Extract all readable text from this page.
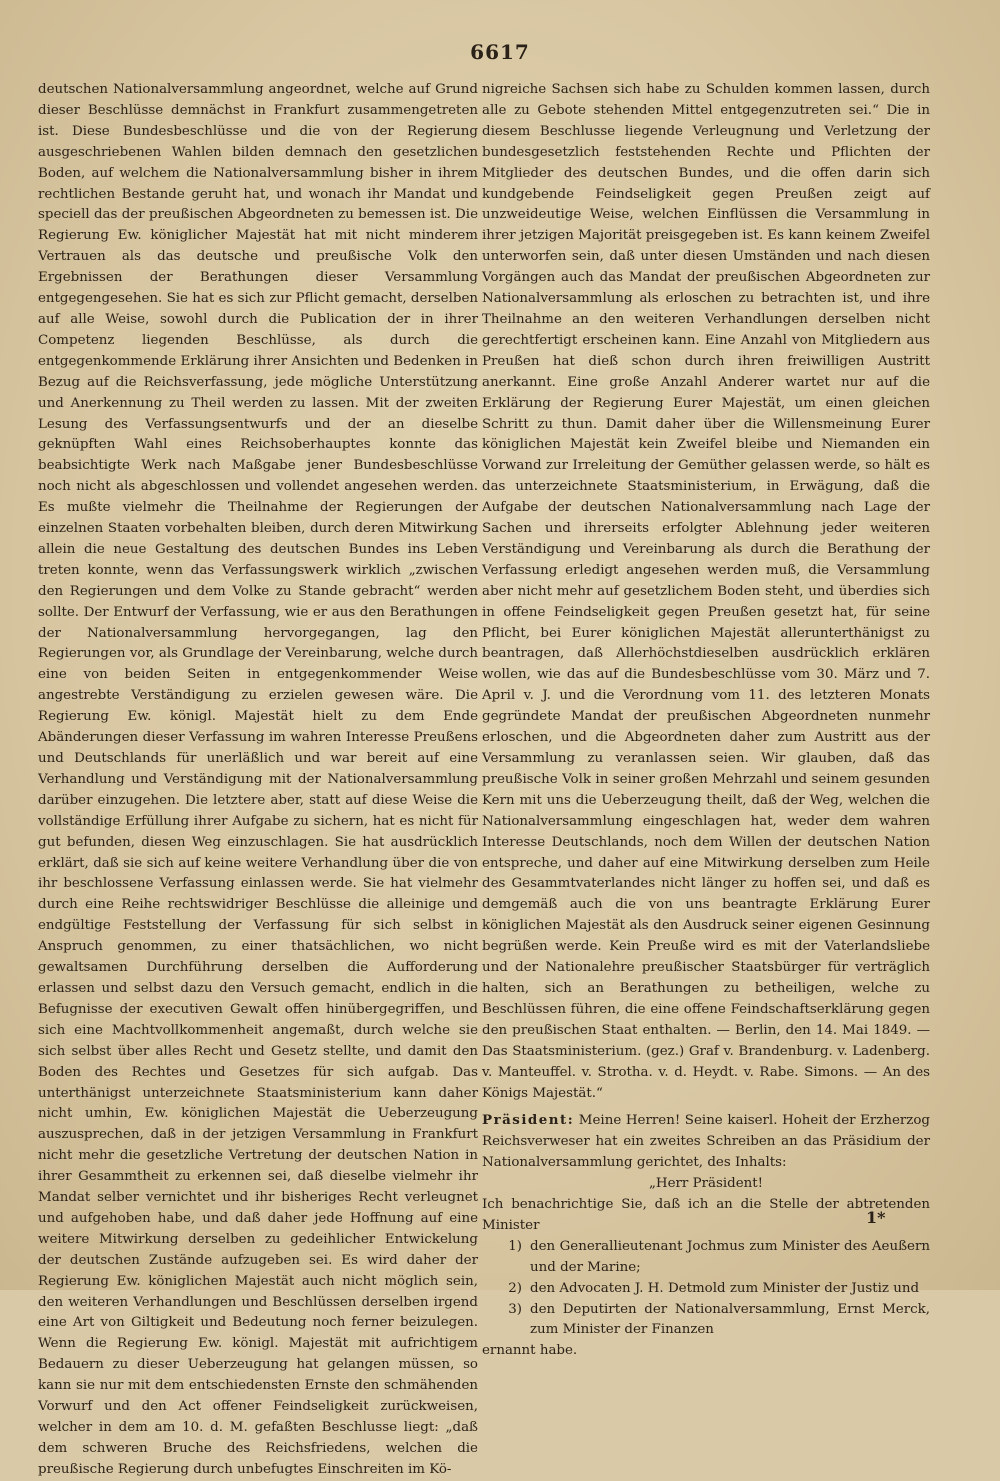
6617

deutschen Nationalversammlung angeordnet, welche auf Grund dieser Beschlüsse demnächst in Frankfurt zusammengetreten ist. Diese Bundesbeschlüsse und die von der Regierung ausgeschriebenen Wahlen bilden demnach den gesetzlichen Boden, auf welchem die Nationalversammlung bisher in ihrem rechtlichen Bestande geruht hat, und wonach ihr Mandat und speciell das der preußischen Abgeordneten zu bemessen ist. Die Regierung Ew. königlicher Majestät hat mit nicht minderem Vertrauen als das deutsche und preußische Volk den Ergebnissen der Berathungen dieser Versammlung entgegengesehen. Sie hat es sich zur Pflicht gemacht, derselben auf alle Weise, sowohl durch die Publication der in ihrer Competenz liegenden Beschlüsse, als durch die entgegenkommende Erklärung ihrer Ansichten und Bedenken in Bezug auf die Reichsverfassung, jede mögliche Unterstützung und Anerkennung zu Theil werden zu lassen. Mit der zweiten Lesung des Verfassungsentwurfs und der an dieselbe geknüpften Wahl eines Reichsoberhauptes konnte das beabsichtigte Werk nach Maßgabe jener Bundesbeschlüsse noch nicht als abgeschlossen und vollendet angesehen werden. Es mußte vielmehr die Theilnahme der Regierungen der einzelnen Staaten vorbehalten bleiben, durch deren Mitwirkung allein die neue Gestaltung des deutschen Bundes ins Leben treten konnte, wenn das Verfassungswerk wirklich „zwischen den Regierungen und dem Volke zu Stande gebracht“ werden sollte. Der Entwurf der Verfassung, wie er aus den Berathungen der Nationalversammlung hervorgegangen, lag den Regierungen vor, als Grundlage der Vereinbarung, welche durch eine von beiden Seiten in entgegenkommender Weise angestrebte Verständigung zu erzielen gewesen wäre. Die Regierung Ew. königl. Majestät hielt zu dem Ende Abänderungen dieser Verfassung im wahren Interesse Preußens und Deutschlands für unerläßlich und war bereit auf eine Verhandlung und Verständigung mit der Nationalversammlung darüber einzugehen. Die letztere aber, statt auf diese Weise die vollständige Erfüllung ihrer Aufgabe zu sichern, hat es nicht für gut befunden, diesen Weg einzuschlagen. Sie hat ausdrücklich erklärt, daß sie sich auf keine weitere Verhandlung über die von ihr beschlossene Verfassung einlassen werde. Sie hat vielmehr durch eine Reihe rechtswidriger Beschlüsse die alleinige und endgültige Feststellung der Verfassung für sich selbst in Anspruch genommen, zu einer thatsächlichen, wo nicht gewaltsamen Durchführung derselben die Aufforderung erlassen und selbst dazu den Versuch gemacht, endlich in die Befugnisse der executiven Gewalt offen hinübergegriffen, und sich eine Machtvollkommenheit angemaßt, durch welche sie sich selbst über alles Recht und Gesetz stellte, und damit den Boden des Rechtes und Gesetzes für sich aufgab. Das unterthänigst unterzeichnete Staatsministerium kann daher nicht umhin, Ew. königlichen Majestät die Ueberzeugung auszusprechen, daß in der jetzigen Versammlung in Frankfurt nicht mehr die gesetzliche Vertretung der deutschen Nation in ihrer Gesammtheit zu erkennen sei, daß dieselbe vielmehr ihr Mandat selber vernichtet und ihr bisheriges Recht verleugnet und aufgehoben habe, und daß daher jede Hoffnung auf eine weitere Mitwirkung derselben zu gedeihlicher Entwickelung der deutschen Zustände aufzugeben sei. Es wird daher der Regierung Ew. königlichen Majestät auch nicht möglich sein, den weiteren Verhandlungen und Beschlüssen derselben irgend eine Art von Giltigkeit und Bedeutung noch ferner beizulegen. Wenn die Regierung Ew. königl. Majestät mit aufrichtigem Bedauern zu dieser Ueberzeugung hat gelangen müssen, so kann sie nur mit dem entschiedensten Ernste den schmähenden Vorwurf und den Act offener Feindseligkeit zurückweisen, welcher in dem am 10. d. M. gefaßten Beschlusse liegt: „daß dem schweren Bruche des Reichsfriedens, welchen die preußische Regierung durch unbefugtes Einschreiten im Kö-

nigreiche Sachsen sich habe zu Schulden kommen lassen, durch alle zu Gebote stehenden Mittel entgegenzutreten sei.“ Die in diesem Beschlusse liegende Verleugnung und Verletzung der bundesgesetzlich feststehenden Rechte und Pflichten der Mitglieder des deutschen Bundes, und die offen darin sich kundgebende Feindseligkeit gegen Preußen zeigt auf unzweideutige Weise, welchen Einflüssen die Versammlung in ihrer jetzigen Majorität preisgegeben ist. Es kann keinem Zweifel unterworfen sein, daß unter diesen Umständen und nach diesen Vorgängen auch das Mandat der preußischen Abgeordneten zur Nationalversammlung als erloschen zu betrachten ist, und ihre Theilnahme an den weiteren Verhandlungen derselben nicht gerechtfertigt erscheinen kann. Eine Anzahl von Mitgliedern aus Preußen hat dieß schon durch ihren freiwilligen Austritt anerkannt. Eine große Anzahl Anderer wartet nur auf die Erklärung der Regierung Eurer Majestät, um einen gleichen Schritt zu thun. Damit daher über die Willensmeinung Eurer königlichen Majestät kein Zweifel bleibe und Niemanden ein Vorwand zur Irreleitung der Gemüther gelassen werde, so hält es das unterzeichnete Staatsministerium, in Erwägung, daß die Aufgabe der deutschen Nationalversammlung nach Lage der Sachen und ihrerseits erfolgter Ablehnung jeder weiteren Verständigung und Vereinbarung als durch die Berathung der Verfassung erledigt angesehen werden muß, die Versammlung aber nicht mehr auf gesetzlichem Boden steht, und überdies sich in offene Feindseligkeit gegen Preußen gesetzt hat, für seine Pflicht, bei Eurer königlichen Majestät allerunterthänigst zu beantragen, daß Allerhöchstdieselben ausdrücklich erklären wollen, wie das auf die Bundesbeschlüsse vom 30. März und 7. April v. J. und die Verordnung vom 11. des letzteren Monats gegründete Mandat der preußischen Abgeordneten nunmehr erloschen, und die Abgeordneten daher zum Austritt aus der Versammlung zu veranlassen seien. Wir glauben, daß das preußische Volk in seiner großen Mehrzahl und seinem gesunden Kern mit uns die Ueberzeugung theilt, daß der Weg, welchen die Nationalversammlung eingeschlagen hat, weder dem wahren Interesse Deutschlands, noch dem Willen der deutschen Nation entspreche, und daher auf eine Mitwirkung derselben zum Heile des Gesammtvaterlandes nicht länger zu hoffen sei, und daß es demgemäß auch die von uns beantragte Erklärung Eurer königlichen Majestät als den Ausdruck seiner eigenen Gesinnung begrüßen werde. Kein Preuße wird es mit der Vaterlandsliebe und der Nationalehre preußischer Staatsbürger für verträglich halten, sich an Berathungen zu betheiligen, welche zu Beschlüssen führen, die eine offene Feindschaftserklärung gegen den preußischen Staat enthalten. — Berlin, den 14. Mai 1849. — Das Staatsministerium. (gez.) Graf v. Brandenburg. v. Ladenberg. v. Manteuffel. v. Strotha. v. d. Heydt. v. Rabe. Simons. — An des Königs Majestät.“

Präsident: Meine Herren! Seine kaiserl. Hoheit der Erzherzog Reichsverweser hat ein zweites Schreiben an das Präsidium der Nationalversammlung gerichtet, des Inhalts:

„Herr Präsident!

Ich benachrichtige Sie, daß ich an die Stelle der abtretenden Minister

1) den Generallieutenant Jochmus zum Minister des Aeußern und der Marine;
2) den Advocaten J. H. Detmold zum Minister der Justiz und
3) den Deputirten der Nationalversammlung, Ernst Merck, zum Minister der Finanzen

ernannt habe.

1*
